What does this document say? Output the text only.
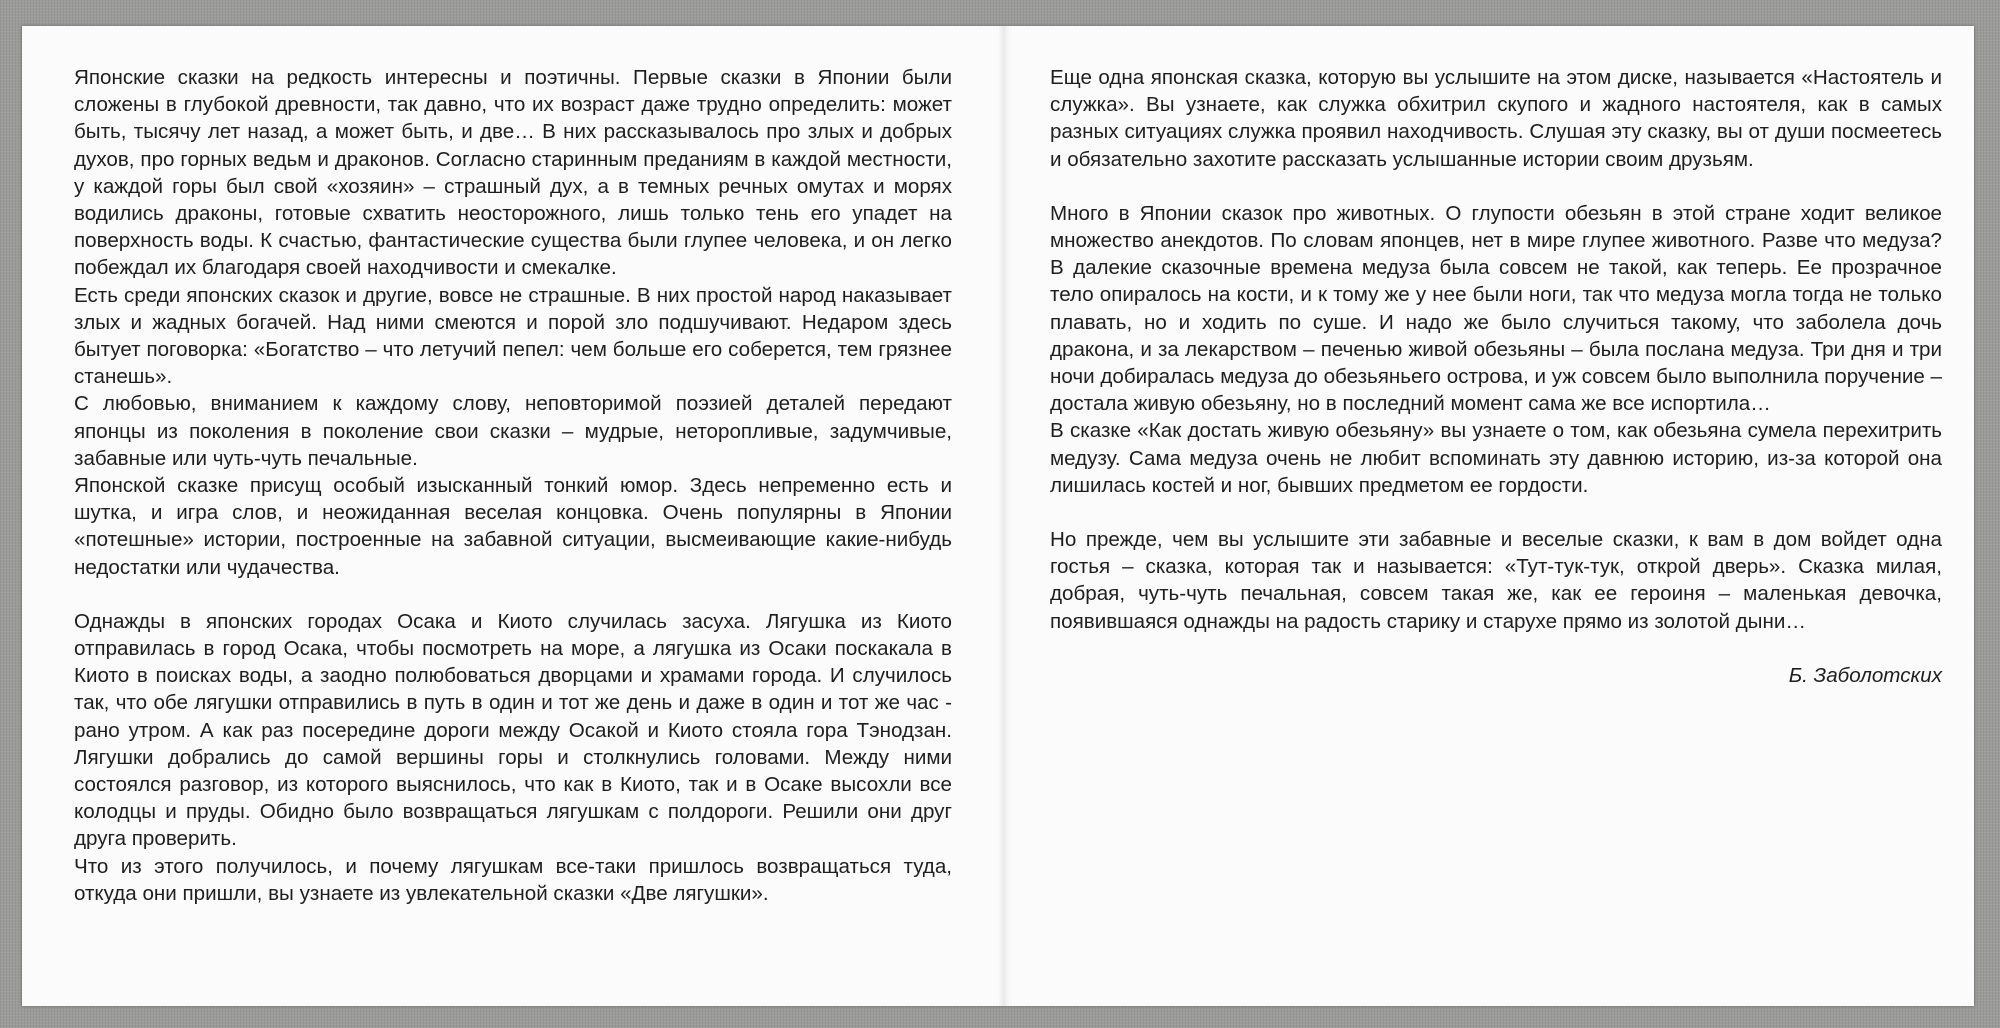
Японские сказки на редкость интересны и поэтичны. Первые сказки в Японии были сложены в глубокой древности, так давно, что их возраст даже трудно определить: может быть, тысячу лет назад, а может быть, и две… В них рассказывалось про злых и добрых духов, про горных ведьм и драконов. Согласно старинным преданиям в каждой местности, у каждой горы был свой «хозяин» – страшный дух, а в темных речных омутах и морях водились драконы, готовые схватить неосторожного, лишь только тень его упадет на поверхность воды. К счастью, фантастические существа были глупее человека, и он легко побеждал их благодаря своей находчивости и смекалке.

Есть среди японских сказок и другие, вовсе не страшные. В них простой народ наказывает злых и жадных богачей. Над ними смеются и порой зло подшучивают. Недаром здесь бытует поговорка: «Богатство – что летучий пепел: чем больше его соберется, тем грязнее станешь».

С любовью, вниманием к каждому слову, неповторимой поэзией деталей передают японцы из поколения в поколение свои сказки – мудрые, неторопливые, задумчивые, забавные или чуть-чуть печальные.

Японской сказке присущ особый изысканный тонкий юмор. Здесь непременно есть и шутка, и игра слов, и неожиданная веселая концовка. Очень популярны в Японии «потешные» истории, построенные на забавной ситуации, высмеивающие какие-нибудь недостатки или чудачества.

Однажды в японских городах Осака и Киото случилась засуха. Лягушка из Киото отправилась в город Осака, чтобы посмотреть на море, а лягушка из Осаки поскакала в Киото в поисках воды, а заодно полюбоваться дворцами и храмами города. И случилось так, что обе лягушки отправились в путь в один и тот же день и даже в один и тот же час - рано утром. А как раз посередине дороги между Осакой и Киото стояла гора Тэнодзан. Лягушки добрались до самой вершины горы и столкнулись головами. Между ними состоялся разговор, из которого выяснилось, что как в Киото, так и в Осаке высохли все колодцы и пруды. Обидно было возвращаться лягушкам с полдороги. Решили они друг друга проверить.

Что из этого получилось, и почему лягушкам все-таки пришлось возвращаться туда, откуда они пришли, вы узнаете из увлекательной сказки «Две лягушки».

Еще одна японская сказка, которую вы услышите на этом диске, называется «Настоятель и служка». Вы узнаете, как служка обхитрил скупого и жадного настоятеля, как в самых разных ситуациях служка проявил находчивость. Слушая эту сказку, вы от души посмеетесь и обязательно захотите рассказать услышанные истории своим друзьям.

Много в Японии сказок про животных. О глупости обезьян в этой стране ходит великое множество анекдотов. По словам японцев, нет в мире глупее животного. Разве что медуза? В далекие сказочные времена медуза была совсем не такой, как теперь. Ее прозрачное тело опиралось на кости, и к тому же у нее были ноги, так что медуза могла тогда не только плавать, но и ходить по суше. И надо же было случиться такому, что заболела дочь дракона, и за лекарством – печенью живой обезьяны – была послана медуза. Три дня и три ночи добиралась медуза до обезьяньего острова, и уж совсем было выполнила поручение – достала живую обезьяну, но в последний момент сама же все испортила…

В сказке «Как достать живую обезьяну» вы узнаете о том, как обезьяна сумела перехитрить медузу. Сама медуза очень не любит вспоминать эту давнюю историю, из-за которой она лишилась костей и ног, бывших предметом ее гордости.

Но прежде, чем вы услышите эти забавные и веселые сказки, к вам в дом войдет одна гостья – сказка, которая так и называется: «Тут-тук-тук, открой дверь». Сказка милая, добрая, чуть-чуть печальная, совсем такая же, как ее героиня – маленькая девочка, появившаяся однажды на радость старику и старухе прямо из золотой дыни…

Б. Заболотских
